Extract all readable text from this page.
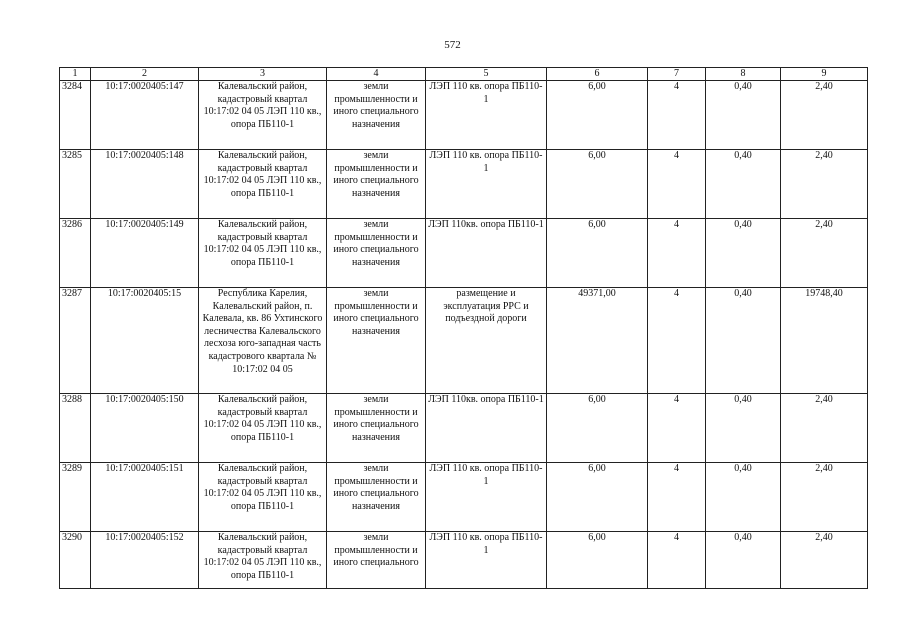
572
1	2	3	4	5	6	7	8	9
3284	10:17:0020405:147	Калевальский район, кадастровый квартал 10:17:02 04 05 ЛЭП 110 кв., опора ПБ110-1	земли промышленности и иного специального назначения	ЛЭП 110 кв. опора ПБ110-1	6,00	4	0,40	2,40
3285	10:17:0020405:148	Калевальский район, кадастровый квартал 10:17:02 04 05 ЛЭП 110 кв., опора ПБ110-1	земли промышленности и иного специального назначения	ЛЭП 110 кв. опора ПБ110-1	6,00	4	0,40	2,40
3286	10:17:0020405:149	Калевальский район, кадастровый квартал 10:17:02 04 05 ЛЭП 110 кв., опора ПБ110-1	земли промышленности и иного специального назначения	ЛЭП 110кв. опора ПБ110-1	6,00	4	0,40	2,40
3287	10:17:0020405:15	Республика Карелия, Калевальский район, п. Калевала, кв. 86 Ухтинского лесничества Калевальского лесхоза юго-западная часть кадастрового квартала № 10:17:02 04 05	земли промышленности и иного специального назначения	размещение и эксплуатация РРС и подъездной дороги	49371,00	4	0,40	19748,40
3288	10:17:0020405:150	Калевальский район, кадастровый квартал 10:17:02 04 05 ЛЭП 110 кв., опора ПБ110-1	земли промышленности и иного специального назначения	ЛЭП 110кв. опора ПБ110-1	6,00	4	0,40	2,40
3289	10:17:0020405:151	Калевальский район, кадастровый квартал 10:17:02 04 05 ЛЭП 110 кв., опора ПБ110-1	земли промышленности и иного специального назначения	ЛЭП 110 кв. опора ПБ110-1	6,00	4	0,40	2,40
3290	10:17:0020405:152	Калевальский район, кадастровый квартал 10:17:02 04 05 ЛЭП 110 кв., опора ПБ110-1	земли промышленности и иного специального	ЛЭП 110 кв. опора ПБ110-1	6,00	4	0,40	2,40
